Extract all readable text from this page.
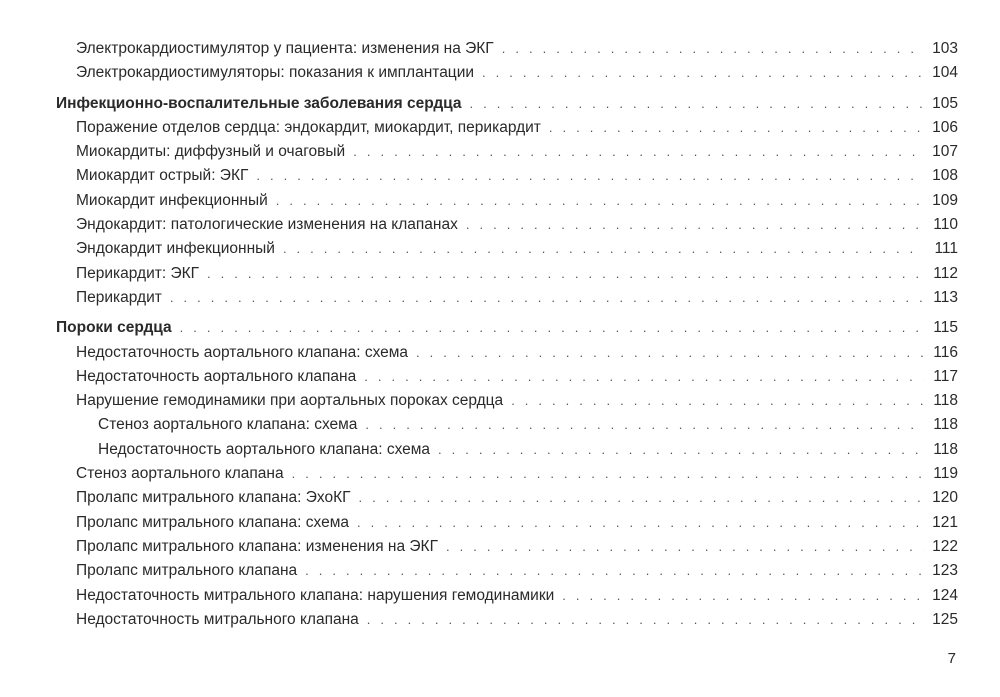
Электрокардиостимулятор у пациента: изменения на ЭКГ . . .	103
Электрокардиостимуляторы: показания к имплантации . . .	104
Инфекционно-воспалительные заболевания сердца . . .	105
Поражение отделов сердца: эндокардит, миокардит, перикардит . . .	106
Миокардиты: диффузный и очаговый . . .	107
Миокардит острый: ЭКГ . . .	108
Миокардит инфекционный . . .	109
Эндокардит: патологические изменения на клапанах . . .	110
Эндокардит инфекционный . . .	111
Перикардит: ЭКГ . . .	112
Перикардит . . .	113
Пороки сердца . . .	115
Недостаточность аортального клапана: схема . . .	116
Недостаточность аортального клапана . . .	117
Нарушение гемодинамики при аортальных пороках сердца . . .	118
Стеноз аортального клапана: схема . . .	118
Недостаточность аортального клапана: схема . . .	118
Стеноз аортального клапана . . .	119
Пролапс митрального клапана: ЭхоКГ . . .	120
Пролапс митрального клапана: схема . . .	121
Пролапс митрального клапана: изменения на ЭКГ . . .	122
Пролапс митрального клапана . . .	123
Недостаточность митрального клапана: нарушения гемодинамики . . .	124
Недостаточность митрального клапана . . .	125
7
